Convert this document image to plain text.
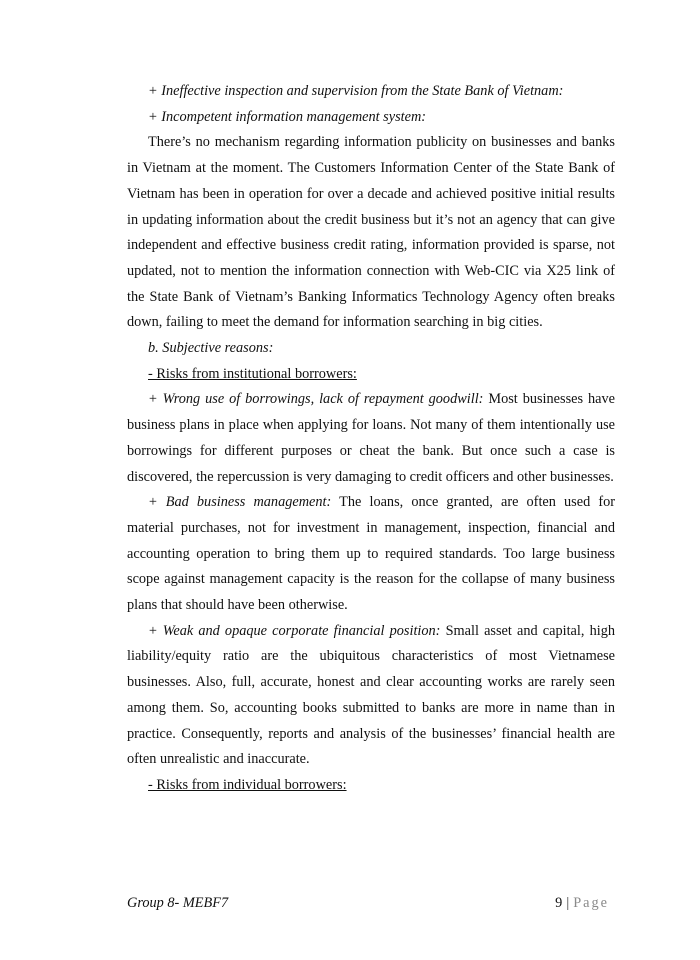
+ Ineffective inspection and supervision from the State Bank of Vietnam:

+ Incompetent information management system:

There’s no mechanism regarding information publicity on businesses and banks in Vietnam at the moment. The Customers Information Center of the State Bank of Vietnam has been in operation for over a decade and achieved positive initial results in updating information about the credit business but it’s not an agency that can give independent and effective business credit rating, information provided is sparse, not updated, not to mention the information connection with Web-CIC via X25 link of the State Bank of Vietnam’s Banking Informatics Technology Agency often breaks down, failing to meet the demand for information searching in big cities.

b. Subjective reasons:

- Risks from institutional borrowers:

+ Wrong use of borrowings, lack of repayment goodwill: Most businesses have business plans in place when applying for loans. Not many of them intentionally use borrowings for different purposes or cheat the bank. But once such a case is discovered, the repercussion is very damaging to credit officers and other businesses.

+ Bad business management: The loans, once granted, are often used for material purchases, not for investment in management, inspection, financial and accounting operation to bring them up to required standards. Too large business scope against management capacity is the reason for the collapse of many business plans that should have been otherwise.

+ Weak and opaque corporate financial position: Small asset and capital, high liability/equity ratio are the ubiquitous characteristics of most Vietnamese businesses. Also, full, accurate, honest and clear accounting works are rarely seen among them. So, accounting books submitted to banks are more in name than in practice. Consequently, reports and analysis of the businesses’ financial health are often unrealistic and inaccurate.

- Risks from individual borrowers:

Group 8- MEBF7	9 | Page
